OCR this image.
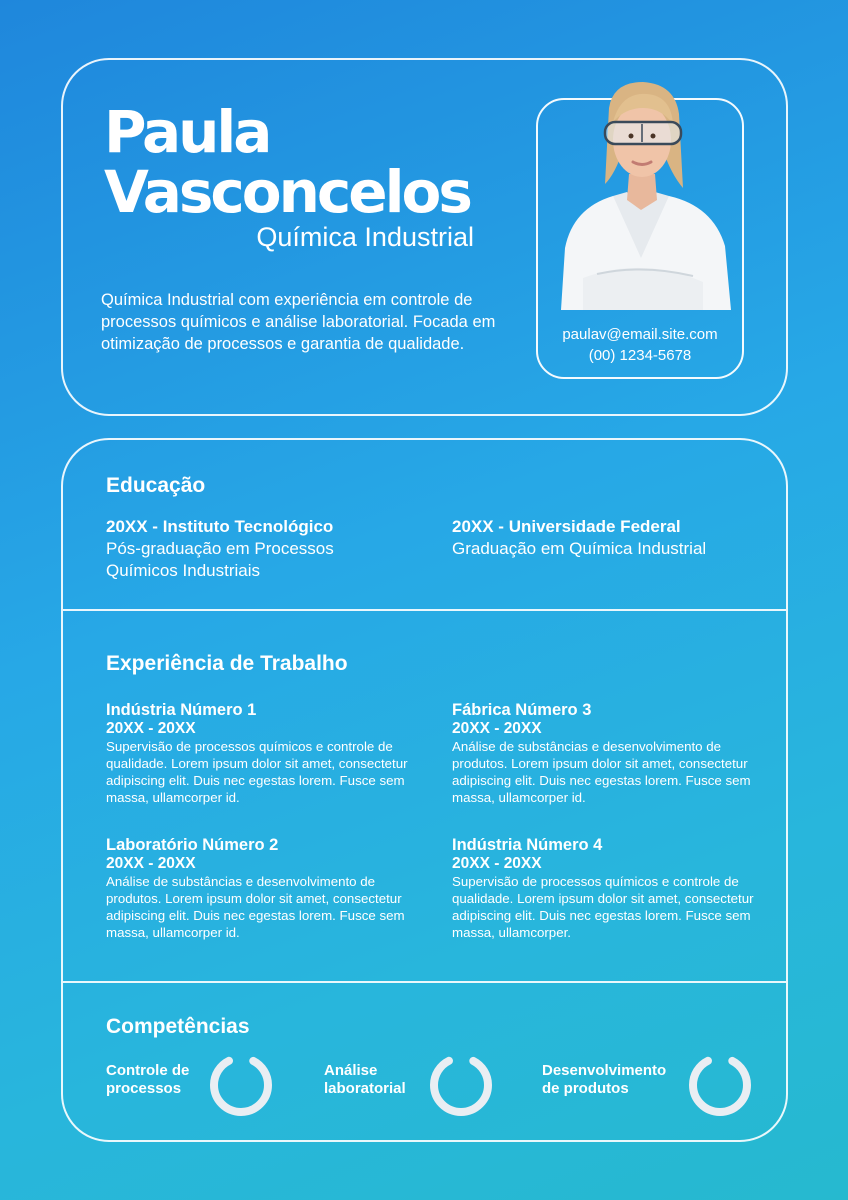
Paula
Vasconcelos
Química Industrial

Química Industrial com experiência em controle de processos químicos e análise laboratorial. Focada em otimização de processos e garantia de qualidade.

paulav@email.site.com
(00) 1234-5678
Educação
20XX - Instituto Tecnológico
Pós-graduação em Processos Químicos Industriais
20XX - Universidade Federal
Graduação em Química Industrial
Experiência de Trabalho
Indústria Número 1
20XX - 20XX
Supervisão de processos químicos e controle de qualidade. Lorem ipsum dolor sit amet, consectetur adipiscing elit. Duis nec egestas lorem. Fusce sem massa, ullamcorper id.
Fábrica Número 3
20XX - 20XX
Análise de substâncias e desenvolvimento de produtos. Lorem ipsum dolor sit amet, consectetur adipiscing elit. Duis nec egestas lorem. Fusce sem massa, ullamcorper id.
Laboratório Número 2
20XX - 20XX
Análise de substâncias e desenvolvimento de produtos. Lorem ipsum dolor sit amet, consectetur adipiscing elit. Duis nec egestas lorem. Fusce sem massa, ullamcorper id.
Indústria Número 4
20XX - 20XX
Supervisão de processos químicos e controle de qualidade. Lorem ipsum dolor sit amet, consectetur adipiscing elit. Duis nec egestas lorem. Fusce sem massa, ullamcorper.
Competências
Controle de processos
Análise laboratorial
Desenvolvimento de produtos
